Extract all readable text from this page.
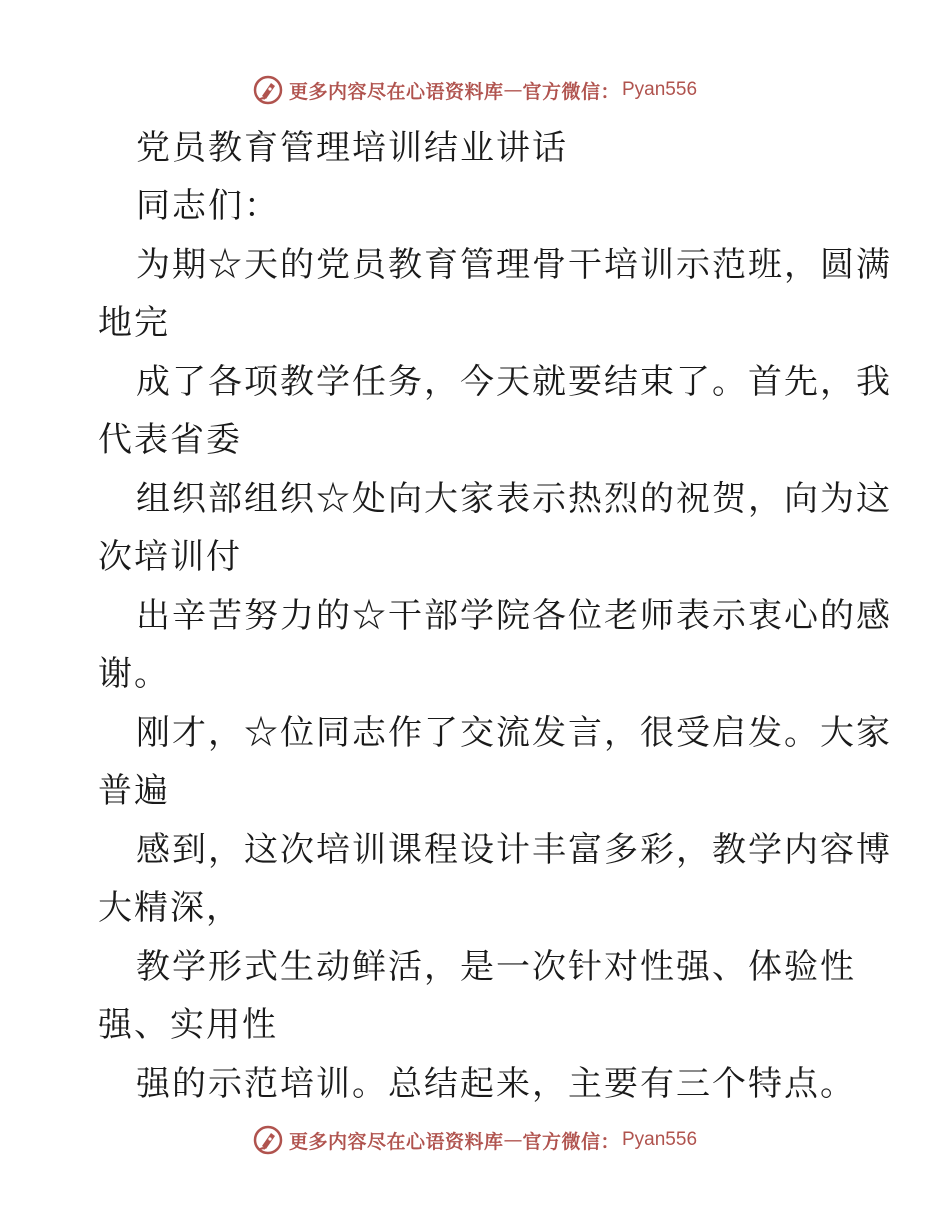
更多内容尽在心语资料库 — 官方微信： Pyan556
党员教育管理培训结业讲话
同志们：
为期☆天的党员教育管理骨干培训示范班，圆满
地完
成了各项教学任务，今天就要结束了。首先，我
代表省委
组织部组织☆处向大家表示热烈的祝贺，向为这
次培训付
出辛苦努力的☆干部学院各位老师表示衷心的感
谢。
刚才，☆位同志作了交流发言，很受启发。大家
普遍
感到，这次培训课程设计丰富多彩，教学内容博
大精深，
教学形式生动鲜活，是一次针对性强、体验性
强、实用性
强的示范培训。总结起来，主要有三个特点。
更多内容尽在心语资料库 — 官方微信： Pyan556
